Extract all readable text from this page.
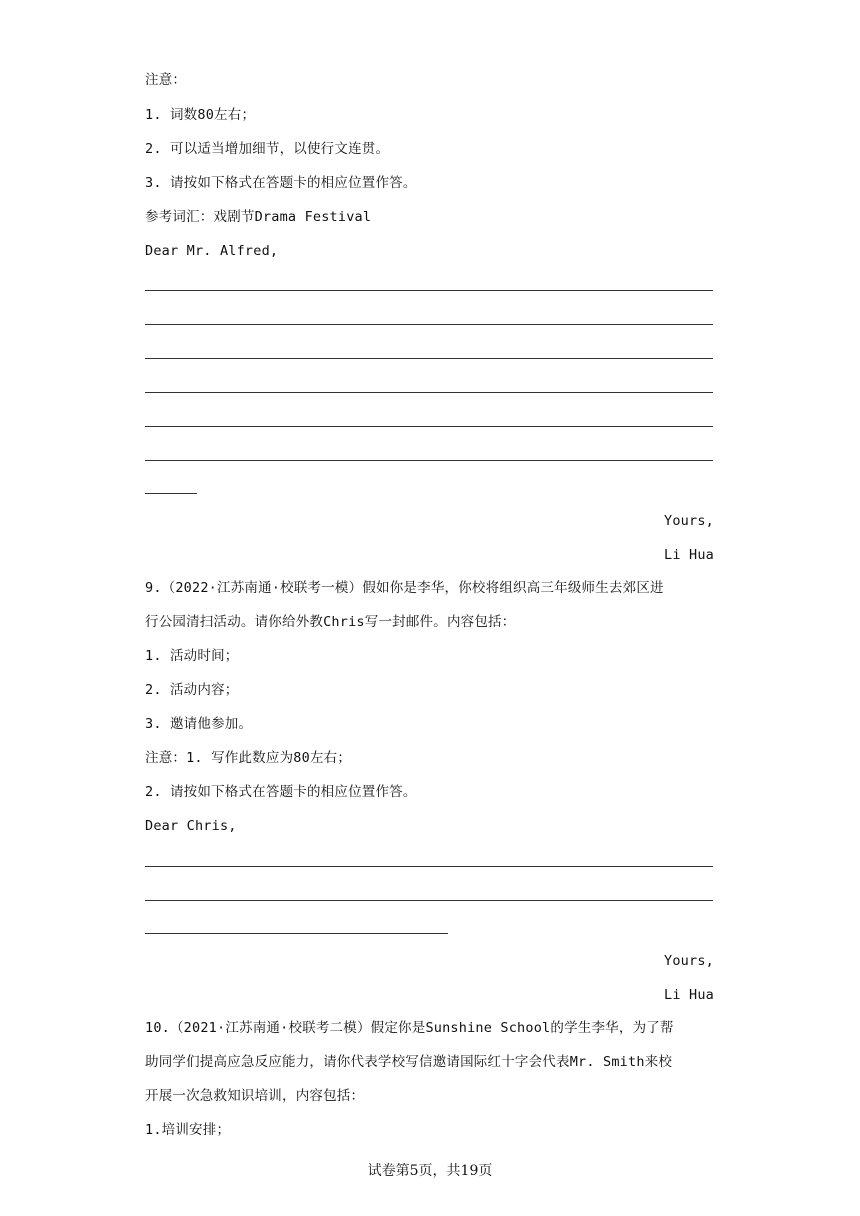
注意：
1. 词数80左右；
2. 可以适当增加细节，以使行文连贯。
3. 请按如下格式在答题卡的相应位置作答。
参考词汇：戏剧节Drama Festival
Dear Mr. Alfred,
Yours,
Li Hua
9.（2022·江苏南通·校联考一模）假如你是李华，你校将组织高三年级师生去郊区进
行公园清扫活动。请你给外教Chris写一封邮件。内容包括：
1. 活动时间；
2. 活动内容；
3. 邀请他参加。
注意：1. 写作此数应为80左右；
2. 请按如下格式在答题卡的相应位置作答。
Dear Chris,
Yours,
Li Hua
10.（2021·江苏南通·校联考二模）假定你是Sunshine School的学生李华，为了帮
助同学们提高应急反应能力，请你代表学校写信邀请国际红十字会代表Mr. Smith来校
开展一次急救知识培训，内容包括：
1.培训安排；
试卷第5页，共19页
